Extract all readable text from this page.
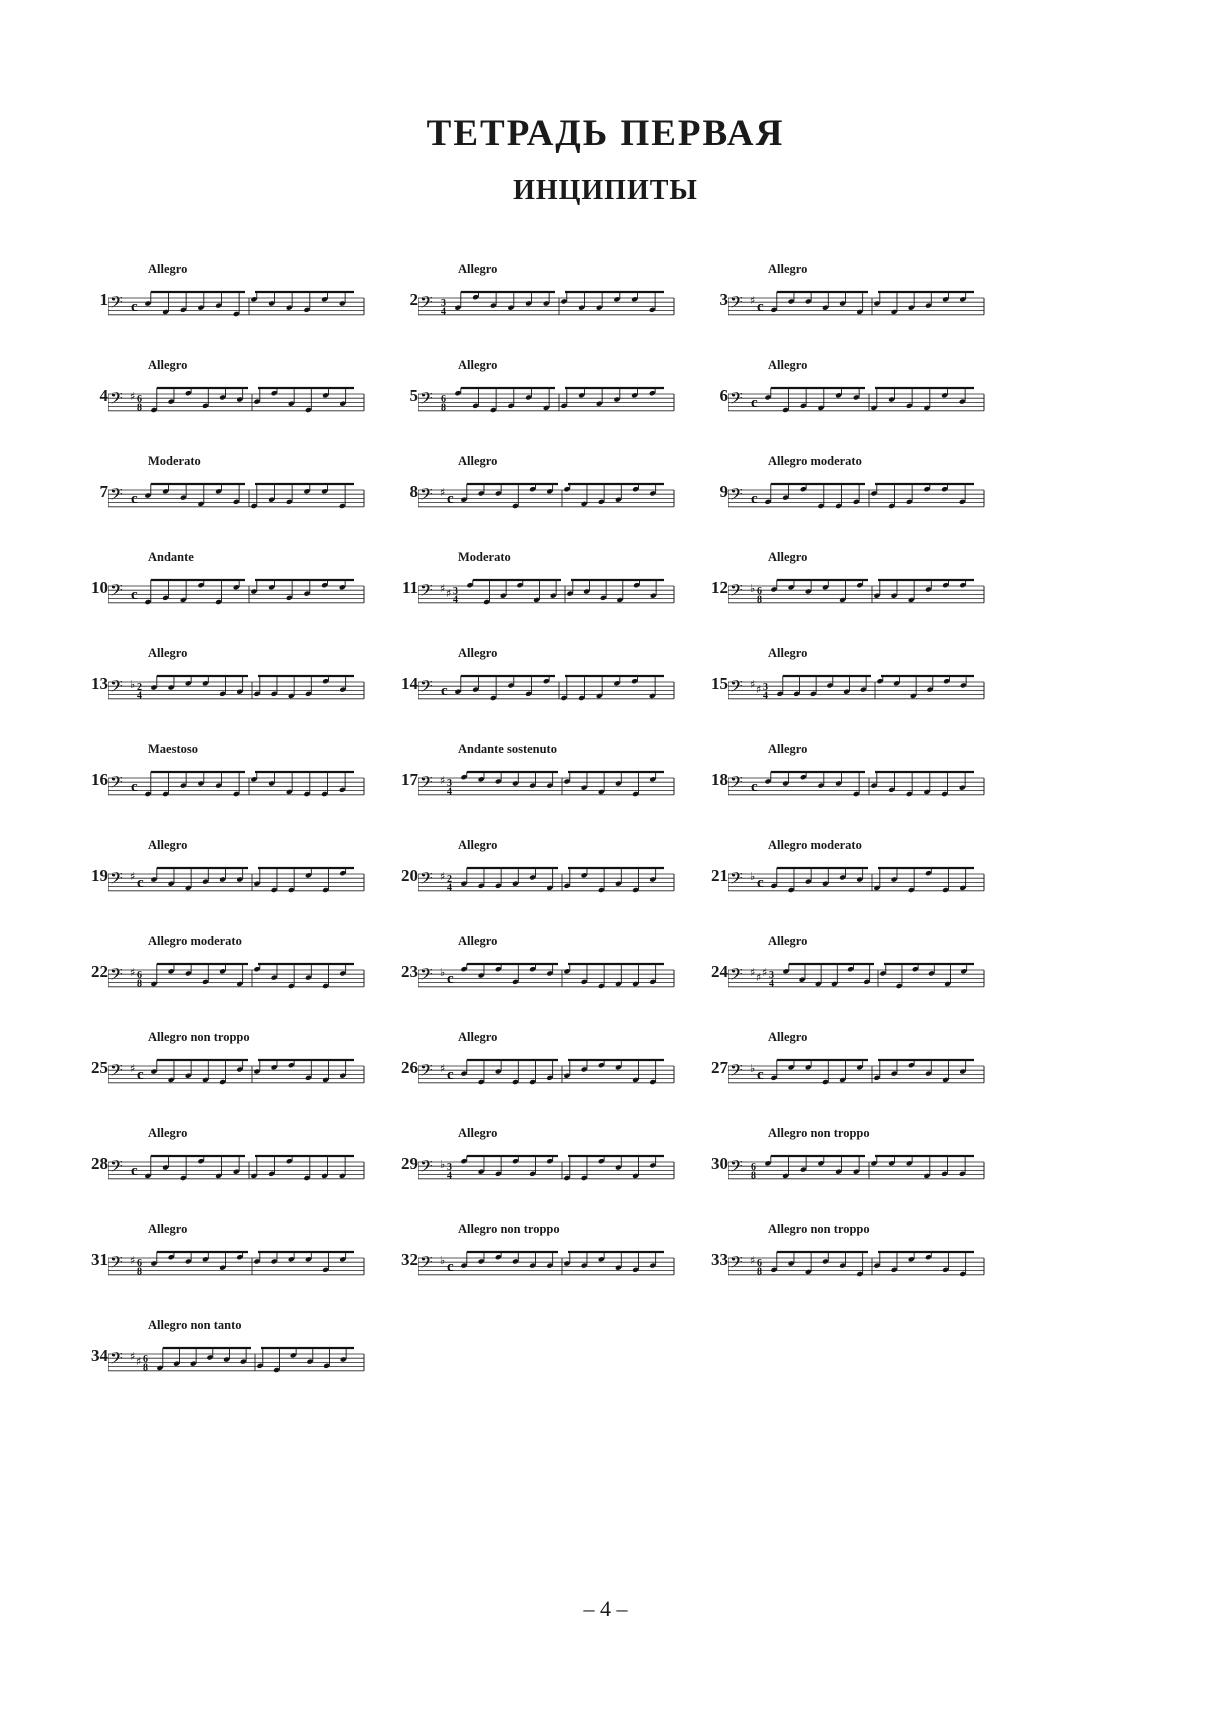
ТЕТРАДЬ ПЕРВАЯ
ИНЦИПИТЫ
1
Allegro
𝄢 c	2
Allegro
𝄢 3
4
3
Allegro
𝄢 ♯ c
4
Allegro
𝄢 ♯ 6
8
5
Allegro
𝄢 6
8
6
Allegro
𝄢 c
7
Moderato
𝄢 c	8
Allegro
𝄢 ♯ c	9
Allegro moderato
𝄢 c
10
Andante
𝄢 c	11
Moderato
𝄢 ♯ ♯ 3
4
12
Allegro
𝄢 ♭ 6
8
13
Allegro
𝄢 ♭ 2
4
14
Allegro
𝄢 c	15
Allegro
𝄢 ♯ ♯ 3
4
16
Maestoso
𝄢 c	17
Andante sostenuto
𝄢 ♯ 3
4
18
Allegro
𝄢 c
19
Allegro
𝄢 ♯ c	20
Allegro
𝄢 ♯ 2
4
21
Allegro moderato
𝄢 ♭ c
22
Allegro moderato
𝄢 ♯ 6
8
23
Allegro
𝄢 ♭ c	24
Allegro
𝄢 ♯ ♯ ♯ 3
4
25
Allegro non troppo
𝄢 ♯ c	26
Allegro
𝄢 ♯ c	27
Allegro
𝄢 ♭ c
28
Allegro
𝄢 c	29
Allegro
𝄢 ♭ 3
4
30
Allegro non troppo
𝄢 6
8
31
Allegro
𝄢 ♯ 6
8
32
Allegro non troppo
𝄢 ♭ c	33
Allegro non troppo
𝄢 ♯ 6
8
34
Allegro non tanto
𝄢 ♯ ♯ 6
8
– 4 –
